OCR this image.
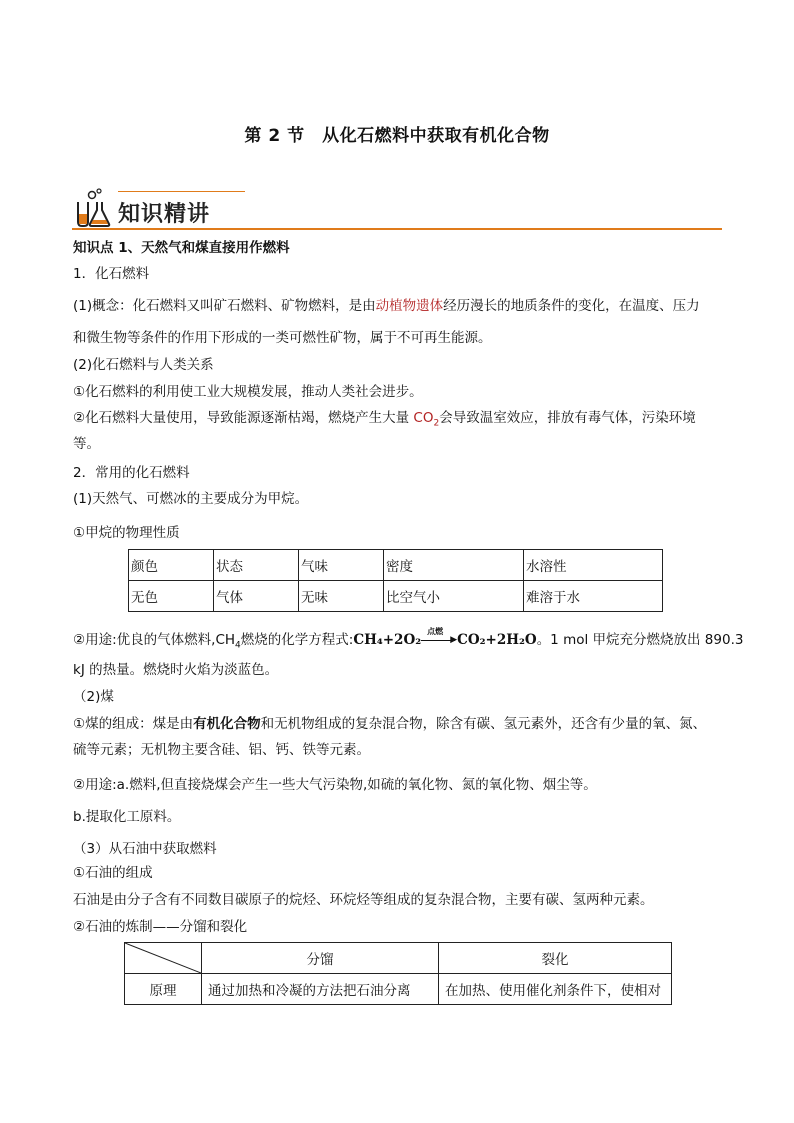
第 2 节　从化石燃料中获取有机化合物
知识精讲
知识点 1、天然气和煤直接用作燃料
1．化石燃料
(1)概念：化石燃料又叫矿石燃料、矿物燃料，是由动植物遗体经历漫长的地质条件的变化，在温度、压力
和微生物等条件的作用下形成的一类可燃性矿物，属于不可再生能源。
(2)化石燃料与人类关系
①化石燃料的利用使工业大规模发展，推动人类社会进步。
②化石燃料大量使用，导致能源逐渐枯竭，燃烧产生大量 $CO_2$会导致温室效应，排放有毒气体，污染环境
等。
2．常用的化石燃料
(1)天然气、可燃冰的主要成分为甲烷。
①甲烷的物理性质
颜色	状态	气味	密度	水溶性
无色	气体	无味	比空气小	难溶于水
②用途:优良的气体燃料$,CH_4$燃烧的化学方程式:CH₄+2O₂
点燃
▶ CO₂+2H₂O。1 mol 甲烷充分燃烧放出 890.3
kJ 的热量。燃烧时火焰为淡蓝色。
（2)煤
①煤的组成：煤是由有机化合物和无机物组成的复杂混合物，除含有碳、氢元素外，还含有少量的氧、氮、
硫等元素；无机物主要含硅、铝、钙、铁等元素。
②用途:a.燃料,但直接烧煤会产生一些大气污染物,如硫的氧化物、氮的氧化物、烟尘等。
b.提取化工原料。
（3）从石油中获取燃料
①石油的组成
石油是由分子含有不同数目碳原子的烷烃、环烷烃等组成的复杂混合物，主要有碳、氢两种元素。
②石油的炼制——分馏和裂化
	分馏	裂化
原理	通过加热和冷凝的方法把石油分离	在加热、使用催化剂条件下，使相对
